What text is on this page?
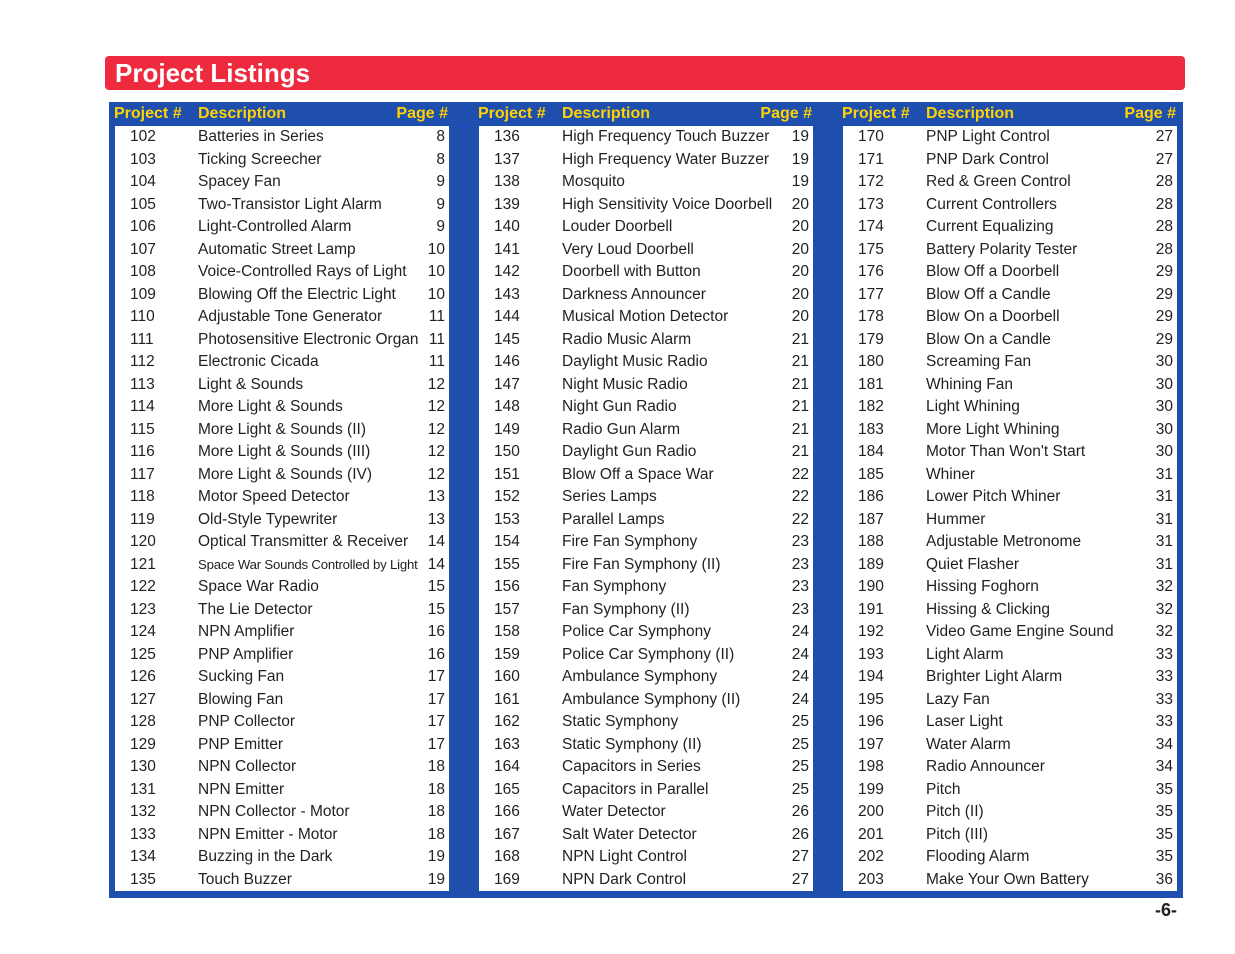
Project Listings
Project # Description	Page #
102	Batteries in Series	8
103	Ticking Screecher	8
104	Spacey Fan	9
105	Two-Transistor Light Alarm	9
106	Light-Controlled Alarm	9
107	Automatic Street Lamp	10
108	Voice-Controlled Rays of Light 10
109	Blowing Off the Electric Light 10
110	Adjustable Tone Generator	11
111	Photosensitive Electronic Organ 11
112	Electronic Cicada	11
113	Light & Sounds	12
114	More Light & Sounds	12
115	More Light & Sounds (II)	12
116	More Light & Sounds (III)	12
117	More Light & Sounds (IV)	12
118	Motor Speed Detector	13
119	Old-Style Typewriter	13
120	Optical Transmitter & Receiver 14
121	Space War Sounds Controlled by Light 14
122	Space War Radio	15
123	The Lie Detector	15
124	NPN Amplifier	16
125	PNP Amplifier	16
126	Sucking Fan	17
127	Blowing Fan	17
128	PNP Collector	17
129	PNP Emitter	17
130	NPN Collector	18
131	NPN Emitter	18
132	NPN Collector - Motor	18
133	NPN Emitter - Motor	18
134	Buzzing in the Dark	19
135	Touch Buzzer	19
Project # Description	Page #
136	High Frequency Touch Buzzer 19
137	High Frequency Water Buzzer 19
138	Mosquito	19
139	High Sensitivity Voice Doorbell 20
140	Louder Doorbell	20
141	Very Loud Doorbell	20
142	Doorbell with Button	20
143	Darkness Announcer	20
144	Musical Motion Detector	20
145	Radio Music Alarm	21
146	Daylight Music Radio	21
147	Night Music Radio	21
148	Night Gun Radio	21
149	Radio Gun Alarm	21
150	Daylight Gun Radio	21
151	Blow Off a Space War	22
152	Series Lamps	22
153	Parallel Lamps	22
154	Fire Fan Symphony	23
155	Fire Fan Symphony (II)	23
156	Fan Symphony	23
157	Fan Symphony (II)	23
158	Police Car Symphony	24
159	Police Car Symphony (II)	24
160	Ambulance Symphony	24
161	Ambulance Symphony (II)	24
162	Static Symphony	25
163	Static Symphony (II)	25
164	Capacitors in Series	25
165	Capacitors in Parallel	25
166	Water Detector	26
167	Salt Water Detector	26
168	NPN Light Control	27
169	NPN Dark Control	27
Project # Description	Page #
170	PNP Light Control	27
171	PNP Dark Control	27
172	Red & Green Control	28
173	Current Controllers	28
174	Current Equalizing	28
175	Battery Polarity Tester	28
176	Blow Off a Doorbell	29
177	Blow Off a Candle	29
178	Blow On a Doorbell	29
179	Blow On a Candle	29
180	Screaming Fan	30
181	Whining Fan	30
182	Light Whining	30
183	More Light Whining	30
184	Motor Than Won't Start	30
185	Whiner	31
186	Lower Pitch Whiner	31
187	Hummer	31
188	Adjustable Metronome	31
189	Quiet Flasher	31
190	Hissing Foghorn	32
191	Hissing & Clicking	32
192	Video Game Engine Sound	32
193	Light Alarm	33
194	Brighter Light Alarm	33
195	Lazy Fan	33
196	Laser Light	33
197	Water Alarm	34
198	Radio Announcer	34
199	Pitch	35
200	Pitch (II)	35
201	Pitch (III)	35
202	Flooding Alarm	35
203	Make Your Own Battery	36
-6-
